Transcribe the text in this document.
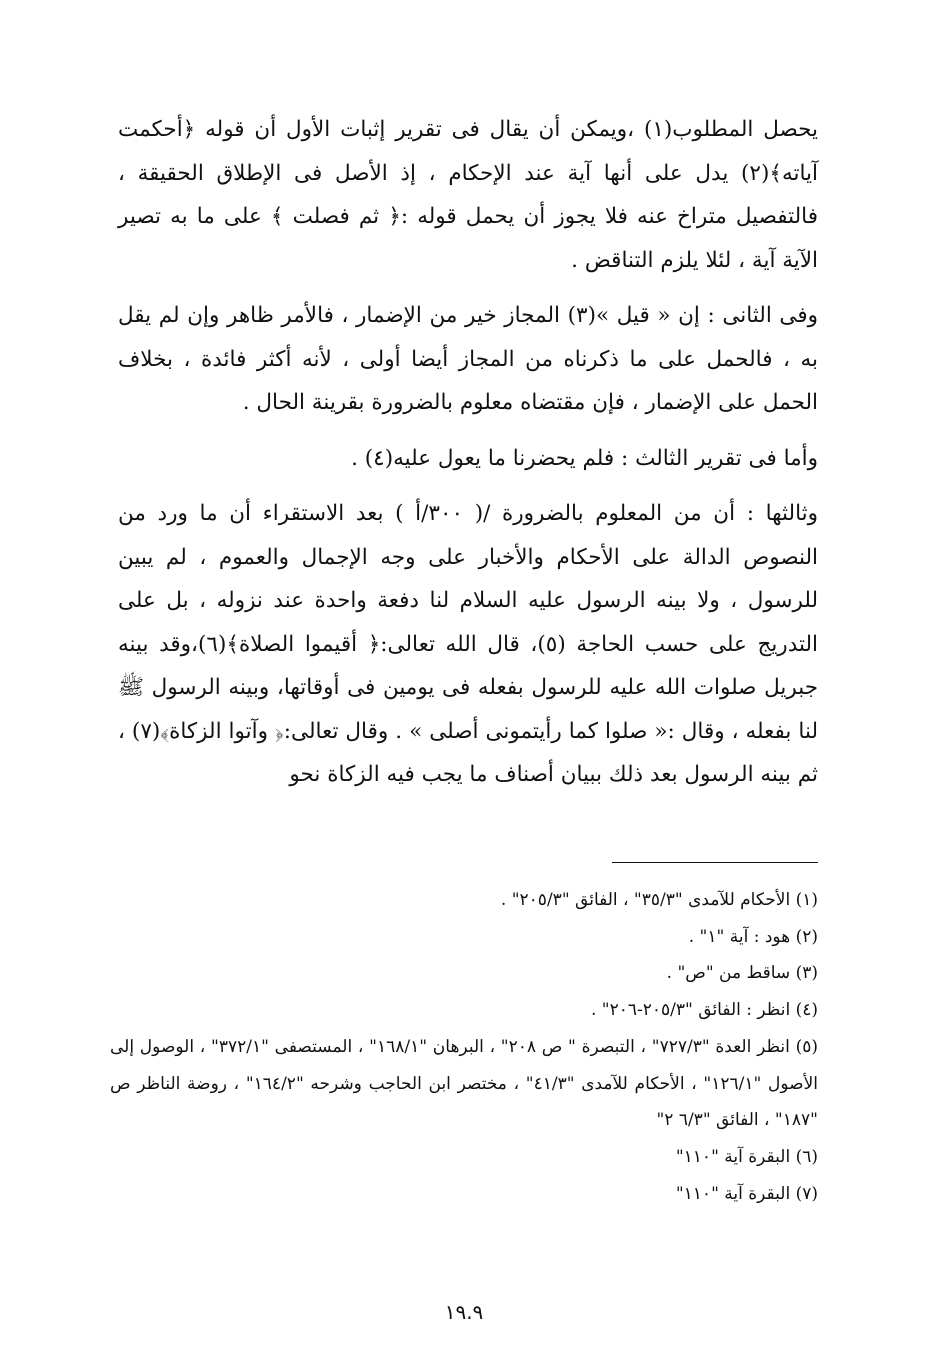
يحصل المطلوب(١) ،ويمكن أن يقال فى تقرير إثبات الأول أن قوله ﴿أحكمت آياته﴾(٢) يدل على أنها آية عند الإحكام ، إذ الأصل فى الإطلاق الحقيقة ، فالتفصيل متراخ عنه فلا يجوز أن يحمل قوله :﴿ ثم فصلت ﴾ على ما به تصير الآية آية ، لئلا يلزم التناقض .

وفى الثانى : إن « قيل »(٣) المجاز خير من الإضمار ، فالأمر ظاهر وإن لم يقل به ، فالحمل على ما ذكرناه من المجاز أيضا أولى ، لأنه أكثر فائدة ، بخلاف الحمل على الإضمار ، فإن مقتضاه معلوم بالضرورة بقرينة الحال .

وأما فى تقرير الثالث : فلم يحضرنا ما يعول عليه(٤) .

وثالثها : أن من المعلوم بالضرورة /( ٣٠٠/أ ) بعد الاستقراء أن ما ورد من النصوص الدالة على الأحكام والأخبار على وجه الإجمال والعموم ، لم يبين للرسول ، ولا بينه الرسول عليه السلام لنا دفعة واحدة عند نزوله ، بل على التدريج على حسب الحاجة (٥)، قال الله تعالى:﴿ أقيموا الصلاة﴾(٦)،وقد بينه جبريل صلوات الله عليه للرسول بفعله فى يومين فى أوقاتها، وبينه الرسول ﷺ لنا بفعله ، وقال :« صلوا كما رأيتمونى أصلى » . وقال تعالى:﴿ وآتوا الزكاة﴾(٧) ، ثم بينه الرسول بعد ذلك ببيان أصناف ما يجب فيه الزكاة نحو

(١) الأحكام للآمدى "٣٥/٣" ، الفائق "٢٠٥/٣" .

(٢) هود : آية "١" .

(٣) ساقط من "ص" .

(٤) انظر : الفائق "٢٠٥/٣-٢٠٦" .

(٥) انظر العدة "٧٢٧/٣" ، التبصرة " ص ٢٠٨" ، البرهان "١٦٨/١" ، المستصفى "٣٧٢/١" ، الوصول إلى الأصول "١٢٦/١" ، الأحكام للآمدى "٤١/٣" ، مختصر ابن الحاجب وشرحه "١٦٤/٢" ، روضة الناظر ص "١٨٧" ، الفائق "٦/٣ ٢"

(٦) البقرة آية "١١٠"

(٧) البقرة آية "١١٠"

١٩.٩
